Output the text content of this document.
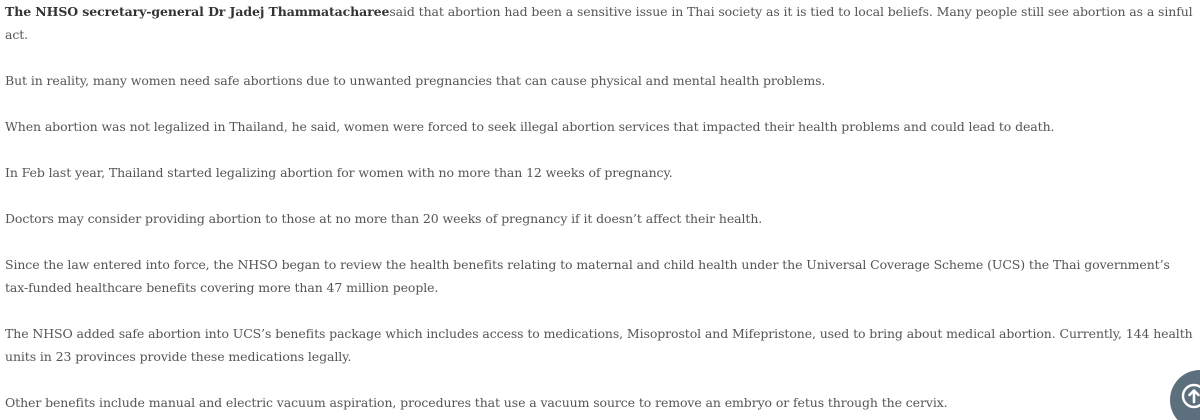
The NHSO secretary-general Dr Jadej Thammatachareesaid that abortion had been a sensitive issue in Thai society as it is tied to local beliefs. Many people still see abortion as a sinful act.

But in reality, many women need safe abortions due to unwanted pregnancies that can cause physical and mental health problems.

When abortion was not legalized in Thailand, he said, women were forced to seek illegal abortion services that impacted their health problems and could lead to death.

In Feb last year, Thailand started legalizing abortion for women with no more than 12 weeks of pregnancy.

Doctors may consider providing abortion to those at no more than 20 weeks of pregnancy if it doesn’t affect their health.

Since the law entered into force, the NHSO began to review the health benefits relating to maternal and child health under the Universal Coverage Scheme (UCS) the Thai government’s tax-funded healthcare benefits covering more than 47 million people.

The NHSO added safe abortion into UCS’s benefits package which includes access to medications, Misoprostol and Mifepristone, used to bring about medical abortion. Currently, 144 health units in 23 provinces provide these medications legally.

Other benefits include manual and electric vacuum aspiration, procedures that use a vacuum source to remove an embryo or fetus through the cervix.
